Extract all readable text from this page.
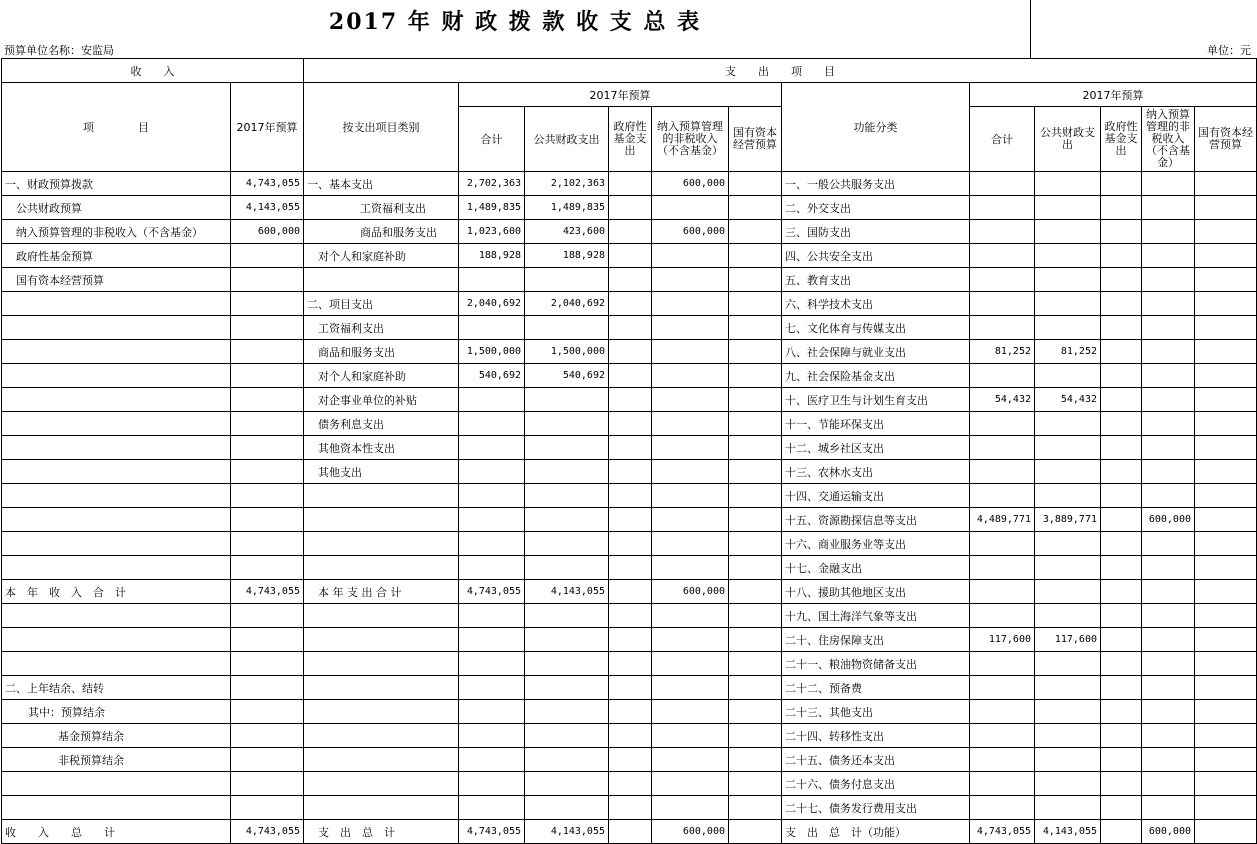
2017 年 财 政 拨 款 收 支 总 表
预算单位名称：安监局	单位：元
收　　入		支　　出　　项　　目											
项　　　　目	2017年预算	按支出项目类别	2017年预算					功能分类	2017年预算				
			合计	公共财政支出	政府性基金支出	纳入预算管理的非税收入（不含基金）	国有资本经营预算		合计	公共财政支出	政府性基金支出	纳入预算管理的非税收入（不含基金）	国有资本经营预算
一、财政预算拨款	4,743,055	一、基本支出	2,702,363	2,102,363		600,000		一、一般公共服务支出					
公共财政预算	4,143,055	工资福利支出	1,489,835	1,489,835				二、外交支出					
纳入预算管理的非税收入（不含基金）	600,000	商品和服务支出	1,023,600	423,600		600,000		三、国防支出					
政府性基金预算		对个人和家庭补助	188,928	188,928				四、公共安全支出					
国有资本经营预算								五、教育支出					
		二、项目支出	2,040,692	2,040,692				六、科学技术支出					
		工资福利支出						七、文化体育与传媒支出					
		商品和服务支出	1,500,000	1,500,000				八、社会保障与就业支出	81,252	81,252			
		对个人和家庭补助	540,692	540,692				九、社会保险基金支出					
		对企事业单位的补贴						十、医疗卫生与计划生育支出	54,432	54,432			
		债务利息支出						十一、节能环保支出					
		其他资本性支出						十二、城乡社区支出					
		其他支出						十三、农林水支出					
								十四、交通运输支出					
								十五、资源勘探信息等支出	4,489,771	3,889,771		600,000	
								十六、商业服务业等支出					
								十七、金融支出					
本　年　收　入　合　计	4,743,055	本 年 支 出 合 计	4,743,055	4,143,055		600,000		十八、援助其他地区支出					
								十九、国土海洋气象等支出					
								二十、住房保障支出	117,600	117,600			
								二十一、粮油物资储备支出					
二、上年结余、结转								二十二、预备费					
其中：预算结余								二十三、其他支出					
基金预算结余								二十四、转移性支出					
非税预算结余								二十五、债务还本支出					
								二十六、债务付息支出					
								二十七、债务发行费用支出					
收　　入　　总　　计	4,743,055	支　出　总　计	4,743,055	4,143,055		600,000		支　出　总　计（功能）	4,743,055	4,143,055		600,000	
